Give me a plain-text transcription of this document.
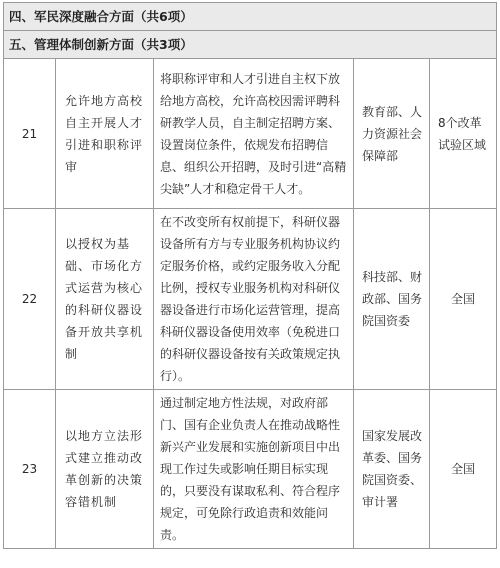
四、军民深度融合方面（共6项）				
五、管理体制创新方面（共3项）				
21	允许地方高校自主开展人才引进和职称评审	将职称评审和人才引进自主权下放给地方高校，允许高校因需评聘科研教学人员，自主制定招聘方案、设置岗位条件，依规发布招聘信息、组织公开招聘，及时引进“高精尖缺”人才和稳定骨干人才。	教育部、人力资源社会保障部	8个改革试验区域
22	以授权为基础、市场化方式运营为核心的科研仪器设备开放共享机制	在不改变所有权前提下，科研仪器设备所有方与专业服务机构协议约定服务价格，或约定服务收入分配比例，授权专业服务机构对科研仪器设备进行市场化运营管理，提高科研仪器设备使用效率（免税进口的科研仪器设备按有关政策规定执行）。	科技部、财政部、国务院国资委	全国
23	以地方立法形式建立推动改革创新的决策容错机制	通过制定地方性法规，对政府部门、国有企业负责人在推动战略性新兴产业发展和实施创新项目中出现工作过失或影响任期目标实现的，只要没有谋取私利、符合程序规定，可免除行政追责和效能问责。	国家发展改革委、国务院国资委、审计署	全国
